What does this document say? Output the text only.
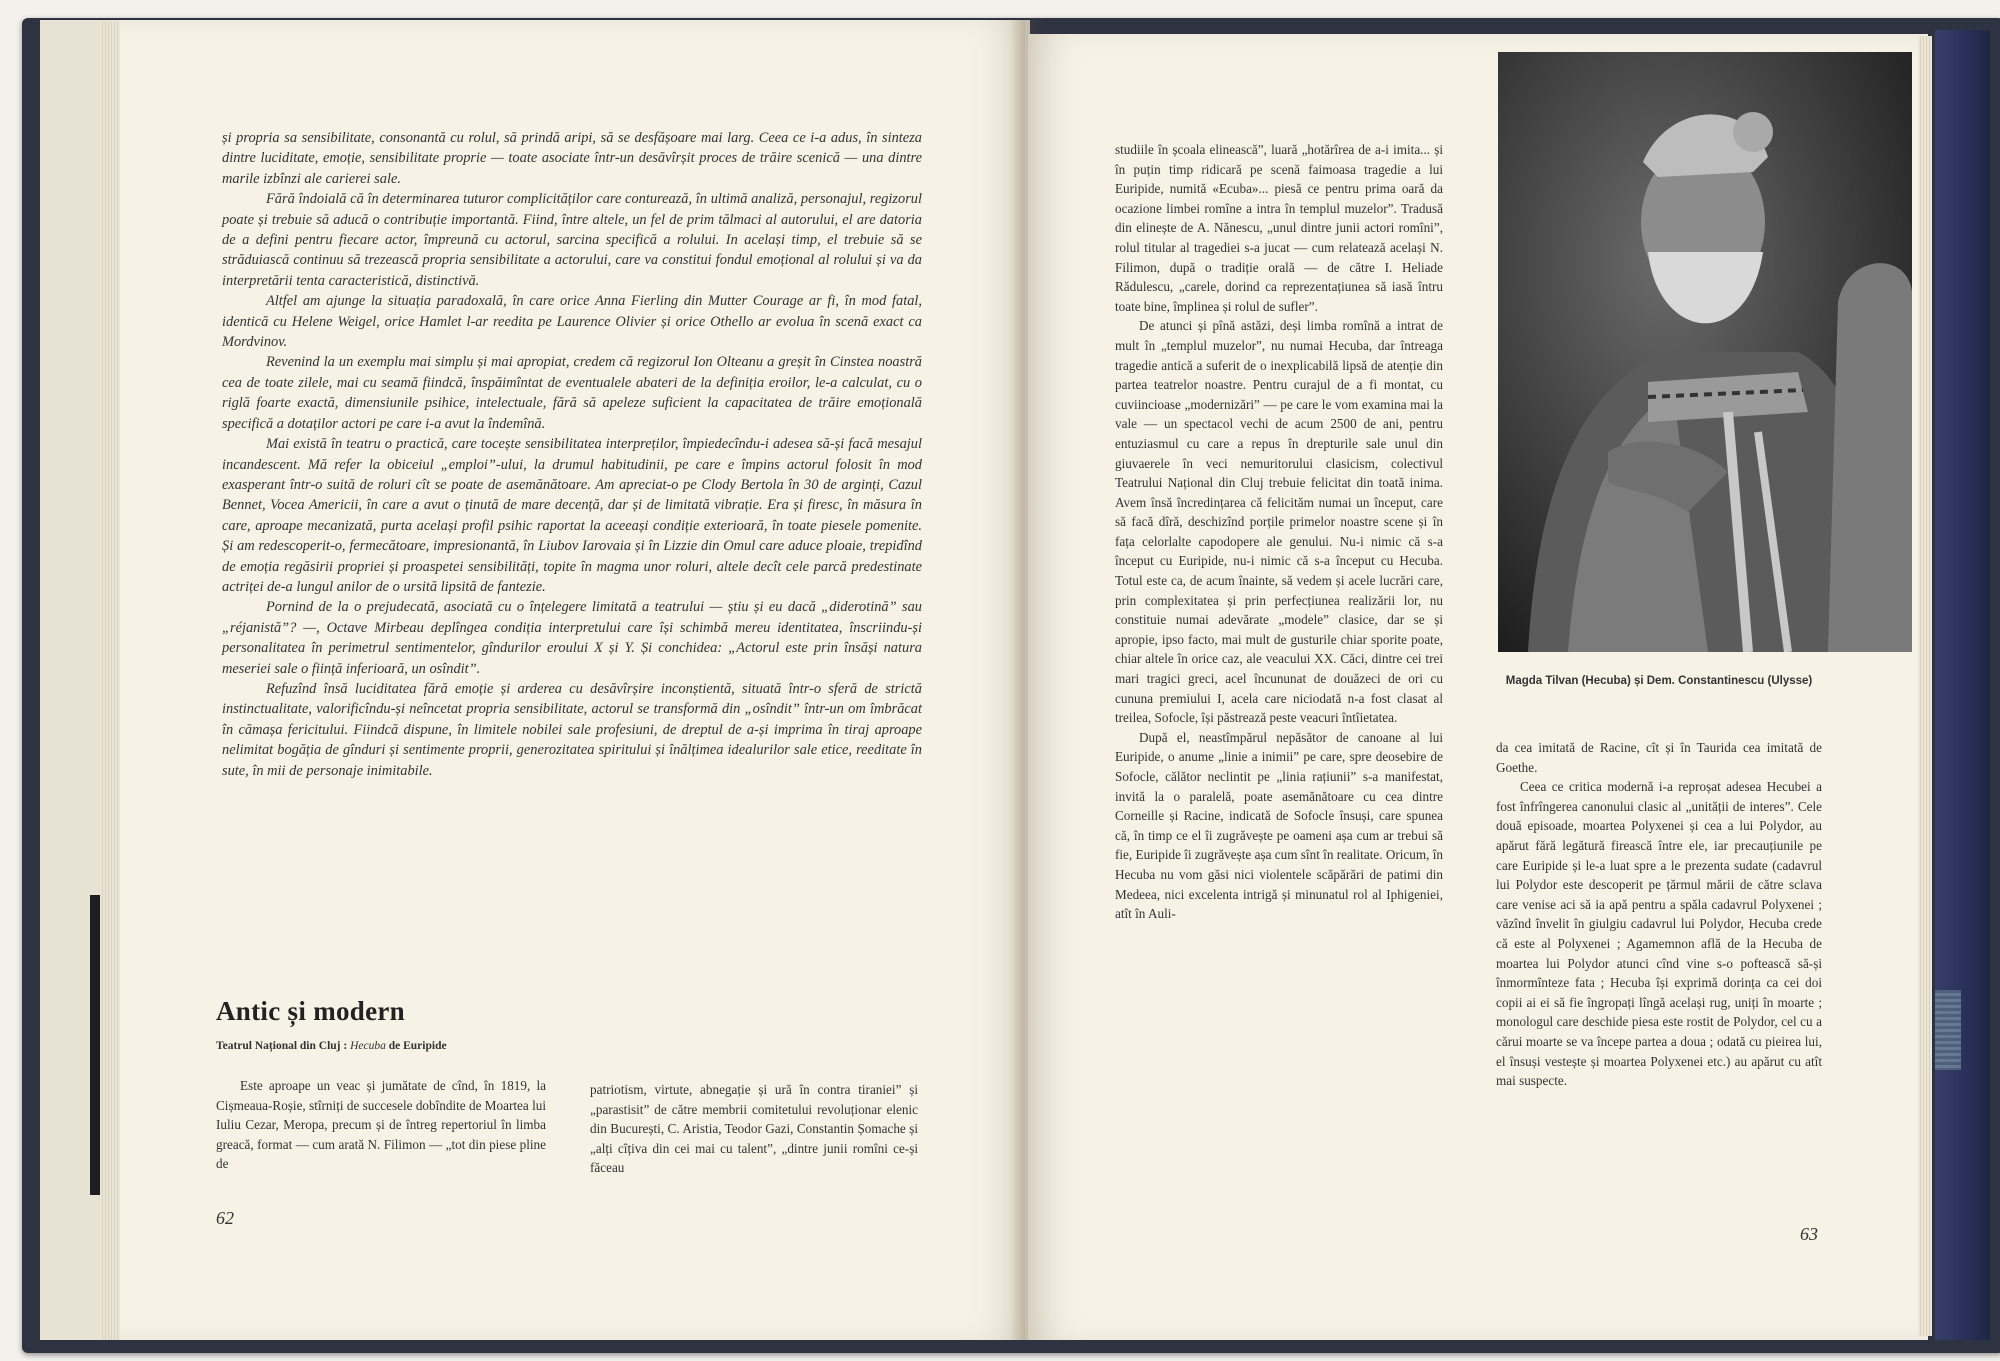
și propria sa sensibilitate, consonantă cu rolul, să prindă aripi, să se desfășoare mai larg. Ceea ce i-a adus, în sinteza dintre luciditate, emoție, sensibilitate proprie — toate asociate într-un desăvîrșit proces de trăire scenică — una dintre marile izbînzi ale carierei sale.

Fără îndoială că în determinarea tuturor complicităților care conturează, în ultimă analiză, personajul, regizorul poate și trebuie să aducă o contribuție importantă. Fiind, între altele, un fel de prim tălmaci al autorului, el are datoria de a defini pentru fiecare actor, împreună cu actorul, sarcina specifică a rolului. In același timp, el trebuie să se străduiască continuu să trezească propria sensibilitate a actorului, care va constitui fondul emoțional al rolului și va da interpretării tenta caracteristică, distinctivă.

Altfel am ajunge la situația paradoxală, în care orice Anna Fierling din Mutter Courage ar fi, în mod fatal, identică cu Helene Weigel, orice Hamlet l-ar reedita pe Laurence Olivier și orice Othello ar evolua în scenă exact ca Mordvinov.

Revenind la un exemplu mai simplu și mai apropiat, credem că regizorul Ion Olteanu a greșit în Cinstea noastră cea de toate zilele, mai cu seamă fiindcă, înspăimîntat de eventualele abateri de la definiția eroilor, le-a calculat, cu o riglă foarte exactă, dimensiunile psihice, intelectuale, fără să apeleze suficient la capacitatea de trăire emoțională specifică a dotaților actori pe care i-a avut la îndemînă.

Mai există în teatru o practică, care tocește sensibilitatea interpreților, împiedecîndu-i adesea să-și facă mesajul incandescent. Mă refer la obiceiul „emploi”-ului, la drumul habitudinii, pe care e împins actorul folosit în mod exasperant într-o suită de roluri cît se poate de asemănătoare. Am apreciat-o pe Clody Bertola în 30 de arginți, Cazul Bennet, Vocea Americii, în care a avut o ținută de mare decență, dar și de limitată vibrație. Era și firesc, în măsura în care, aproape mecanizată, purta același profil psihic raportat la aceeași condiție exterioară, în toate piesele pomenite. Și am redescoperit-o, fermecătoare, impresionantă, în Liubov Iarovaia și în Lizzie din Omul care aduce ploaie, trepidînd de emoția regăsirii propriei și proaspetei sensibilități, topite în magma unor roluri, altele decît cele parcă predestinate actriței de-a lungul anilor de o ursită lipsită de fantezie.

Pornind de la o prejudecată, asociată cu o înțelegere limitată a teatrului — știu și eu dacă „diderotină” sau „réjanistă”? —, Octave Mirbeau deplîngea condiția interpretului care își schimbă mereu identitatea, înscriindu-și personalitatea în perimetrul sentimentelor, gîndurilor eroului X și Y. Și conchidea: „Actorul este prin însăși natura meseriei sale o ființă inferioară, un osîndit”.

Refuzînd însă luciditatea fără emoție și arderea cu desăvîrșire inconștientă, situată într-o sferă de strictă instinctualitate, valorificîndu-și neîncetat propria sensibilitate, actorul se transformă din „osîndit” într-un om îmbrăcat în cămașa fericitului. Fiindcă dispune, în limitele nobilei sale profesiuni, de dreptul de a-și imprima în tiraj aproape nelimitat bogăția de gînduri și sentimente proprii, generozitatea spiritului și înălțimea idealurilor sale etice, reeditate în sute, în mii de personaje inimitabile.

Antic și modern
Teatrul Național din Cluj : Hecuba de Euripide

Este aproape un veac și jumătate de cînd, în 1819, la Cișmeaua-Roșie, stîrniți de succesele dobîndite de Moartea lui Iuliu Cezar, Meropa, precum și de întreg repertoriul în limba greacă, format — cum arată N. Filimon — „tot din piese pline de

patriotism, virtute, abnegație și ură în contra tiraniei” și „parastisit” de către membrii comitetului revoluționar elenic din București, C. Aristia, Teodor Gazi, Constantin Șomache și „alți cîțiva din cei mai cu talent”, „dintre junii romîni ce-și făceau

62

studiile în școala elinească”, luară „hotărîrea de a-i imita... și în puțin timp ridicară pe scenă faimoasa tragedie a lui Euripide, numită «Ecuba»... piesă ce pentru prima oară da ocazione limbei romîne a intra în templul muzelor”. Tradusă din elinește de A. Nănescu, „unul dintre junii actori romîni”, rolul titular al tragediei s-a jucat — cum relatează același N. Filimon, după o tradiție orală — de către I. Heliade Rădulescu, „carele, dorind ca reprezentațiunea să iasă întru toate bine, împlinea și rolul de sufler”.

De atunci și pînă astăzi, deși limba romînă a intrat de mult în „templul muzelor”, nu numai Hecuba, dar întreaga tragedie antică a suferit de o inexplicabilă lipsă de atenție din partea teatrelor noastre. Pentru curajul de a fi montat, cu cuviincioase „modernizări” — pe care le vom examina mai la vale — un spectacol vechi de acum 2500 de ani, pentru entuziasmul cu care a repus în drepturile sale unul din giuvaerele în veci nemuritorului clasicism, colectivul Teatrului Național din Cluj trebuie felicitat din toată inima. Avem însă încredințarea că felicităm numai un început, care să facă dîră, deschizînd porțile primelor noastre scene și în fața celorlalte capodopere ale genului. Nu-i nimic că s-a început cu Euripide, nu-i nimic că s-a început cu Hecuba. Totul este ca, de acum înainte, să vedem și acele lucrări care, prin complexitatea și prin perfecțiunea realizării lor, nu constituie numai adevărate „modele” clasice, dar se și apropie, ipso facto, mai mult de gusturile chiar sporite poate, chiar altele în orice caz, ale veacului XX. Căci, dintre cei trei mari tragici greci, acel încununat de douăzeci de ori cu cununa premiului I, acela care niciodată n-a fost clasat al treilea, Sofocle, își păstrează peste veacuri întîietatea.

După el, neastîmpărul nepăsător de canoane al lui Euripide, o anume „linie a inimii” pe care, spre deosebire de Sofocle, călător neclintit pe „linia rațiunii” s-a manifestat, invită la o paralelă, poate asemănătoare cu cea dintre Corneille și Racine, indicată de Sofocle însuși, care spunea că, în timp ce el îi zugrăvește pe oameni așa cum ar trebui să fie, Euripide îi zugrăvește așa cum sînt în realitate. Oricum, în Hecuba nu vom găsi nici violentele scăpărări de patimi din Medeea, nici excelenta intrigă și minunatul rol al Iphigeniei, atît în Auli-

Magda Tilvan (Hecuba) și Dem. Constantinescu (Ulysse)

da cea imitată de Racine, cît și în Taurida cea imitată de Goethe.

Ceea ce critica modernă i-a reproșat adesea Hecubei a fost înfrîngerea canonului clasic al „unității de interes”. Cele două episoade, moartea Polyxenei și cea a lui Polydor, au apărut fără legătură firească între ele, iar precauțiunile pe care Euripide și le-a luat spre a le prezenta sudate (cadavrul lui Polydor este descoperit pe țărmul mării de către sclava care venise aci să ia apă pentru a spăla cadavrul Polyxenei ; văzînd învelit în giulgiu cadavrul lui Polydor, Hecuba crede că este al Polyxenei ; Agamemnon află de la Hecuba de moartea lui Polydor atunci cînd vine s-o poftească să-și înmormînteze fata ; Hecuba își exprimă dorința ca cei doi copii ai ei să fie îngropați lîngă același rug, uniți în moarte ; monologul care deschide piesa este rostit de Polydor, cel cu a cărui moarte se va începe partea a doua ; odată cu pieirea lui, el însuși vestește și moartea Polyxenei etc.) au apărut cu atît mai suspecte.

63
